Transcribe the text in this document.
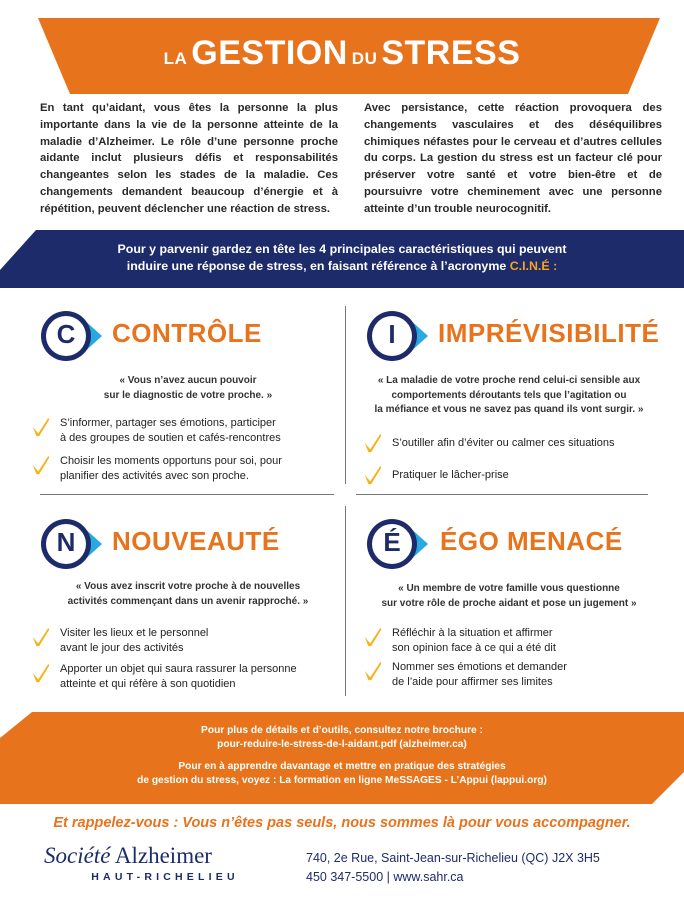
LA GESTION DU STRESS
En tant qu’aidant, vous êtes la personne la plus importante dans la vie de la personne atteinte de la maladie d’Alzheimer. Le rôle d’une personne proche aidante inclut plusieurs défis et responsabilités changeantes selon les stades de la maladie. Ces changements demandent beaucoup d’énergie et à répétition, peuvent déclencher une réaction de stress.
Avec persistance, cette réaction provoquera des changements vasculaires et des déséquilibres chimiques néfastes pour le cerveau et d’autres cellules du corps. La gestion du stress est un facteur clé pour préserver votre santé et votre bien-être et de poursuivre votre cheminement avec une personne atteinte d’un trouble neurocognitif.
Pour y parvenir gardez en tête les 4 principales caractéristiques qui peuvent
induire une réponse de stress, en faisant référence à l’acronyme C.I.N.É :
C	CONTRÔLE
« Vous n’avez aucun pouvoir
sur le diagnostic de votre proche. »
S’informer, partager ses émotions, participer
à des groupes de soutien et cafés-rencontres
Choisir les moments opportuns pour soi, pour
planifier des activités avec son proche.
I	IMPRÉVISIBILITÉ
« La maladie de votre proche rend celui-ci sensible aux
comportements déroutants tels que l’agitation ou
la méfiance et vous ne savez pas quand ils vont surgir. »
S’outiller afin d’éviter ou calmer ces situations
Pratiquer le lâcher-prise
N	NOUVEAUTÉ
« Vous avez inscrit votre proche à de nouvelles
activités commençant dans un avenir rapproché. »
Visiter les lieux et le personnel
avant le jour des activités
Apporter un objet qui saura rassurer la personne
atteinte et qui réfère à son quotidien
É	ÉGO MENACÉ
« Un membre de votre famille vous questionne
sur votre rôle de proche aidant et pose un jugement »
Réfléchir à la situation et affirmer
son opinion face à ce qui a été dit
Nommer ses émotions et demander
de l’aide pour affirmer ses limites
Pour plus de détails et d’outils, consultez notre brochure :
pour-reduire-le-stress-de-l-aidant.pdf (alzheimer.ca)
Pour en à apprendre davantage et mettre en pratique des stratégies
de gestion du stress, voyez : La formation en ligne MeSSAGES - L’Appui (lappui.org)
Et rappelez-vous : Vous n’êtes pas seuls, nous sommes là pour vous accompagner.
Société Alzheimer
HAUT-RICHELIEU
740, 2e Rue, Saint-Jean-sur-Richelieu (QC) J2X 3H5
450 347-5500 | www.sahr.ca
